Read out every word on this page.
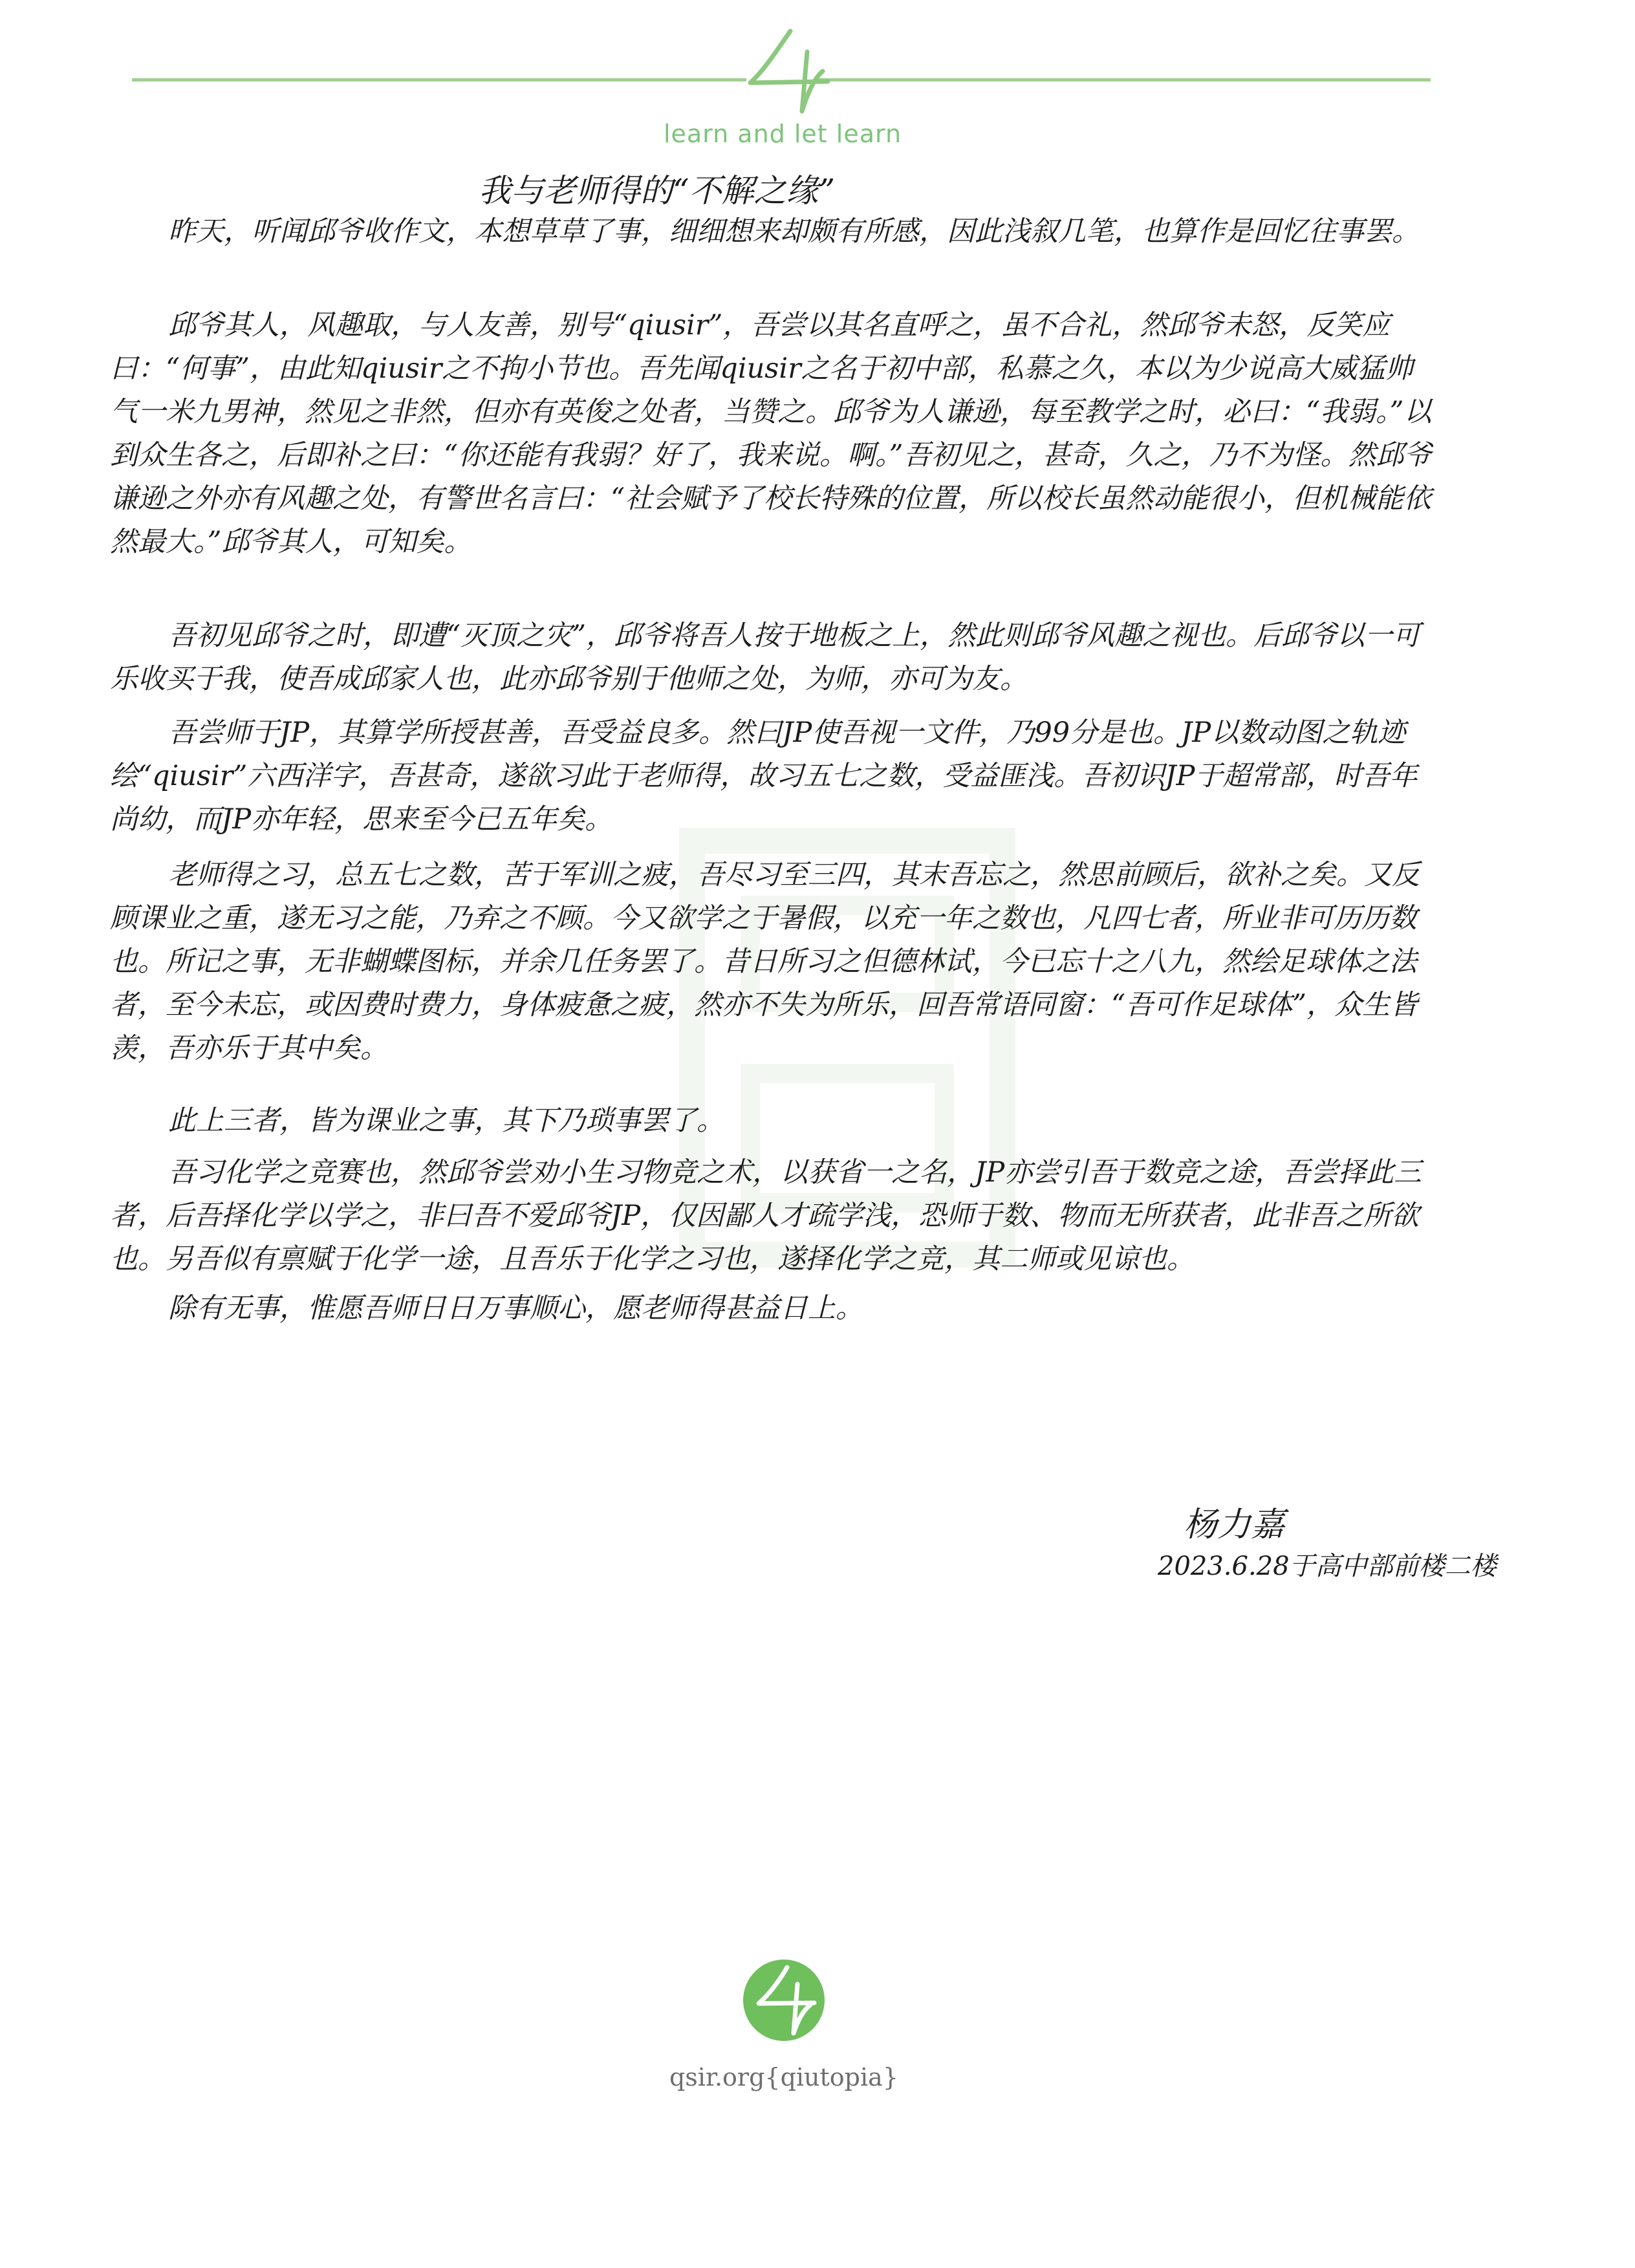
learn and let learn
我与老师得的“不解之缘”

昨天，听闻邱爷收作文，本想草草了事，细细想来却颇有所感，因此浅叙几笔，也算作是回忆往事罢。

邱爷其人，风趣取，与人友善，别号“qiusir”，吾尝以其名直呼之，虽不合礼，然邱爷未怒，反笑应曰：“何事”，由此知qiusir之不拘小节也。吾先闻qiusir之名于初中部，私慕之久，本以为少说高大威猛帅气一米九男神，然见之非然，但亦有英俊之处者，当赞之。邱爷为人谦逊，每至教学之时，必曰：“我弱。”以到众生各之，后即补之曰：“你还能有我弱？好了，我来说。啊。”吾初见之，甚奇，久之，乃不为怪。然邱爷谦逊之外亦有风趣之处，有警世名言曰：“社会赋予了校长特殊的位置，所以校长虽然动能很小，但机械能依然最大。”邱爷其人，可知矣。

吾初见邱爷之时，即遭“灭顶之灾”，邱爷将吾人按于地板之上，然此则邱爷风趣之视也。后邱爷以一可乐收买于我，使吾成邱家人也，此亦邱爷别于他师之处，为师，亦可为友。

吾尝师于JP，其算学所授甚善，吾受益良多。然曰JP使吾视一文件，乃99分是也。JP以数动图之轨迹绘“qiusir”六西洋字，吾甚奇，遂欲习此于老师得，故习五七之数，受益匪浅。吾初识JP于超常部，时吾年尚幼，而JP亦年轻，思来至今已五年矣。

老师得之习，总五七之数，苦于军训之疲，吾尽习至三四，其末吾忘之，然思前顾后，欲补之矣。又反顾课业之重，遂无习之能，乃弃之不顾。今又欲学之于暑假，以充一年之数也，凡四七者，所业非可历历数也。所记之事，无非蝴蝶图标，并余几任务罢了。昔日所习之但德林试，今已忘十之八九，然绘足球体之法者，至今未忘，或因费时费力，身体疲惫之疲，然亦不失为所乐，回吾常语同窗：“吾可作足球体”，众生皆羡，吾亦乐于其中矣。

此上三者，皆为课业之事，其下乃琐事罢了。

吾习化学之竞赛也，然邱爷尝劝小生习物竞之术，以获省一之名，JP亦尝引吾于数竞之途，吾尝择此三者，后吾择化学以学之，非曰吾不爱邱爷JP，仅因鄙人才疏学浅，恐师于数、物而无所获者，此非吾之所欲也。另吾似有禀赋于化学一途，且吾乐于化学之习也，遂择化学之竞，其二师或见谅也。

除有无事，惟愿吾师日日万事顺心，愿老师得甚益日上。

杨力嘉
2023.6.28于高中部前楼二楼
qsir.org{qiutopia}
